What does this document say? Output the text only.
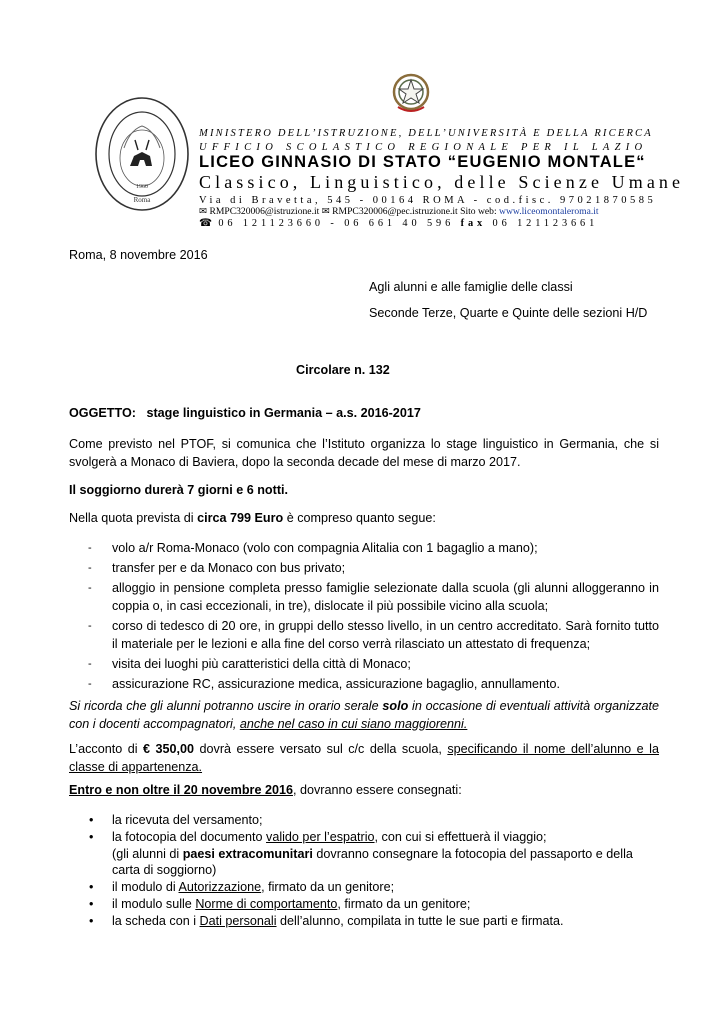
1960
Roma
MINISTERO DELL’ISTRUZIONE, DELL’UNIVERSITÀ E DELLA RICERCA
UFFICIO SCOLASTICO REGIONALE PER IL LAZIO
LICEO GINNASIO DI STATO “EUGENIO MONTALE“
Classico, Linguistico, delle Scienze Umane
Via di Bravetta, 545 - 00164 ROMA - cod.fisc. 97021870585
✉ RMPC320006@istruzione.it ✉ RMPC320006@pec.istruzione.it Sito web: www.liceomontaleroma.it
☎ 06 121123660 - 06 661 40 596 fax 06 121123661
Roma, 8 novembre 2016
Agli alunni e alle famiglie delle classi
Seconde Terze, Quarte e Quinte delle sezioni H/D
Circolare n. 132
OGGETTO: stage linguistico in Germania – a.s. 2016-2017
Come previsto nel PTOF, si comunica che l’Istituto organizza lo stage linguistico in Germania, che si svolgerà a Monaco di Baviera, dopo la seconda decade del mese di marzo 2017.
Il soggiorno durerà 7 giorni e 6 notti.
Nella quota prevista di circa 799 Euro è compreso quanto segue:
- volo a/r Roma-Monaco (volo con compagnia Alitalia con 1 bagaglio a mano);
- transfer per e da Monaco con bus privato;
- alloggio in pensione completa presso famiglie selezionate dalla scuola (gli alunni alloggeranno in coppia o, in casi eccezionali, in tre), dislocate il più possibile vicino alla scuola;
- corso di tedesco di 20 ore, in gruppi dello stesso livello, in un centro accreditato. Sarà fornito tutto il materiale per le lezioni e alla fine del corso verrà rilasciato un attestato di frequenza;
- visita dei luoghi più caratteristici della città di Monaco;
- assicurazione RC, assicurazione medica, assicurazione bagaglio, annullamento.
Si ricorda che gli alunni potranno uscire in orario serale solo in occasione di eventuali attività organizzate con i docenti accompagnatori, anche nel caso in cui siano maggiorenni.
L’acconto di € 350,00 dovrà essere versato sul c/c della scuola, specificando il nome dell’alunno e la classe di appartenenza.
Entro e non oltre il 20 novembre 2016, dovranno essere consegnati:
• la ricevuta del versamento;
• la fotocopia del documento valido per l’espatrio, con cui si effettuerà il viaggio;
(gli alunni di paesi extracomunitari dovranno consegnare la fotocopia del passaporto e della carta di soggiorno)
• il modulo di Autorizzazione, firmato da un genitore;
• il modulo sulle Norme di comportamento, firmato da un genitore;
• la scheda con i Dati personali dell’alunno, compilata in tutte le sue parti e firmata.
